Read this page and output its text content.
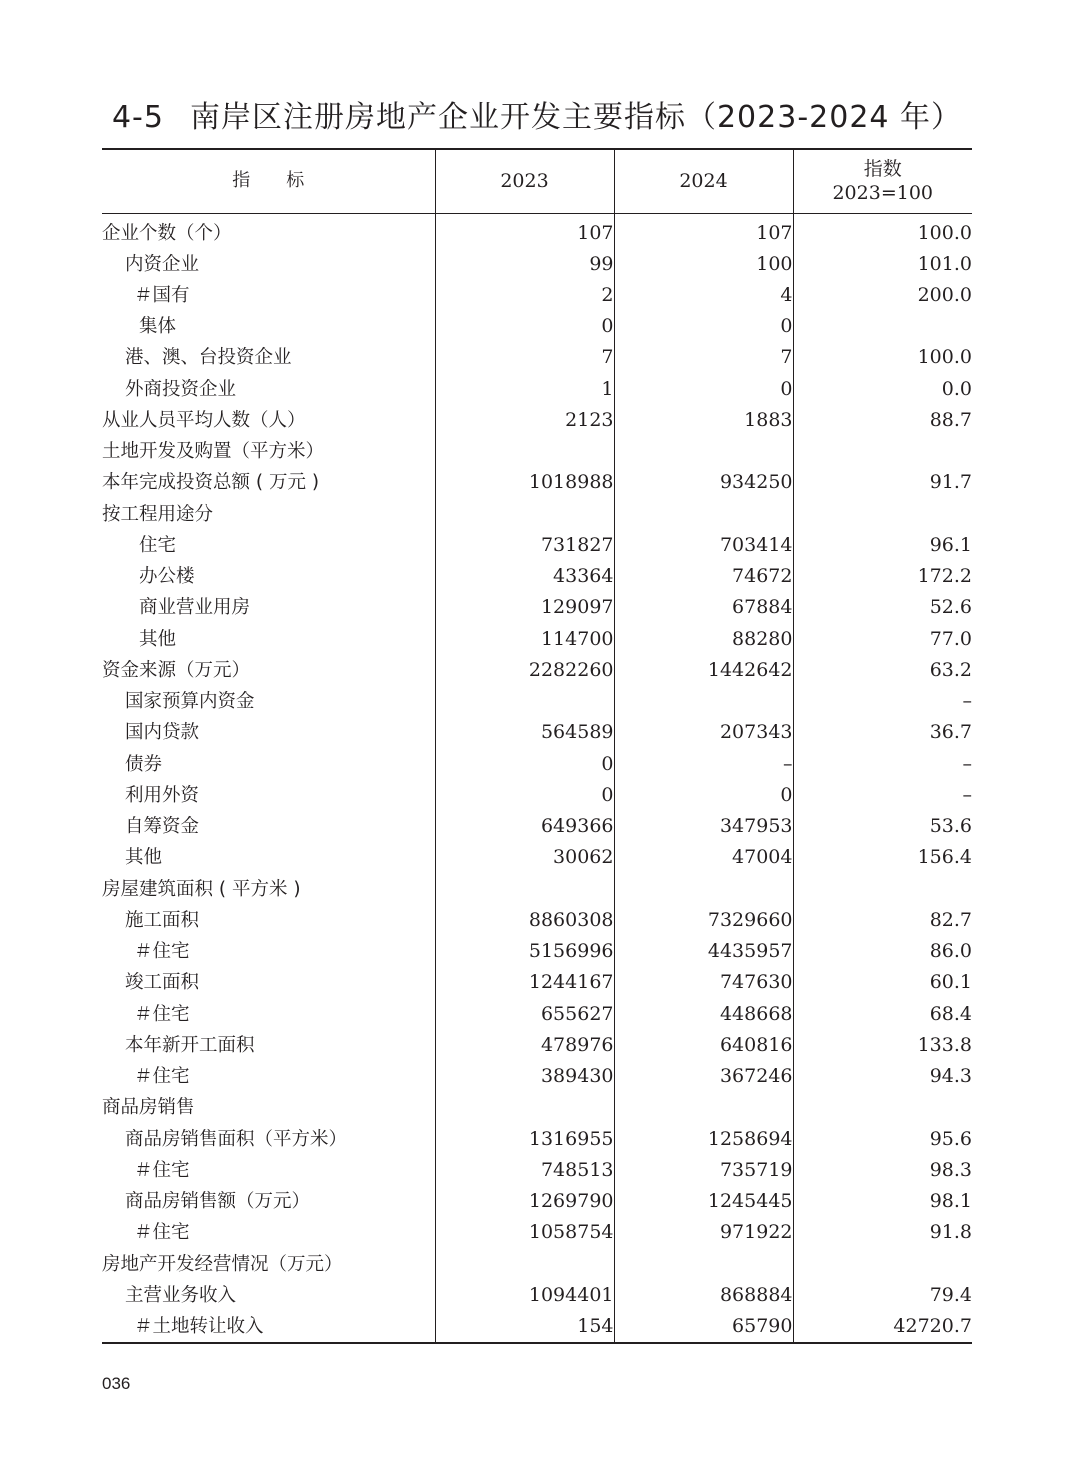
4-5 南岸区注册房地产企业开发主要指标（2023-2024 年）
指　　标	2023	2024	指数
2023=100

企业个数（个）	107	107	100.0
内资企业	99	100	101.0
＃国有	2	4	200.0
集体	0	0	
港、澳、台投资企业	7	7	100.0
外商投资企业	1	0	0.0
从业人员平均人数（人）	2123	1883	88.7
土地开发及购置（平方米）			
本年完成投资总额 ( 万元 )	1018988	934250	91.7
按工程用途分			
住宅	731827	703414	96.1
办公楼	43364	74672	172.2
商业营业用房	129097	67884	52.6
其他	114700	88280	77.0
资金来源（万元）	2282260	1442642	63.2
国家预算内资金			–
国内贷款	564589	207343	36.7
债券	0	–	–
利用外资	0	0	–
自筹资金	649366	347953	53.6
其他	30062	47004	156.4
房屋建筑面积 ( 平方米 )			
施工面积	8860308	7329660	82.7
＃住宅	5156996	4435957	86.0
竣工面积	1244167	747630	60.1
＃住宅	655627	448668	68.4
本年新开工面积	478976	640816	133.8
＃住宅	389430	367246	94.3
商品房销售			
商品房销售面积（平方米）	1316955	1258694	95.6
＃住宅	748513	735719	98.3
商品房销售额（万元）	1269790	1245445	98.1
＃住宅	1058754	971922	91.8
房地产开发经营情况（万元）			
主营业务收入	1094401	868884	79.4
＃土地转让收入	154	65790	42720.7
036
